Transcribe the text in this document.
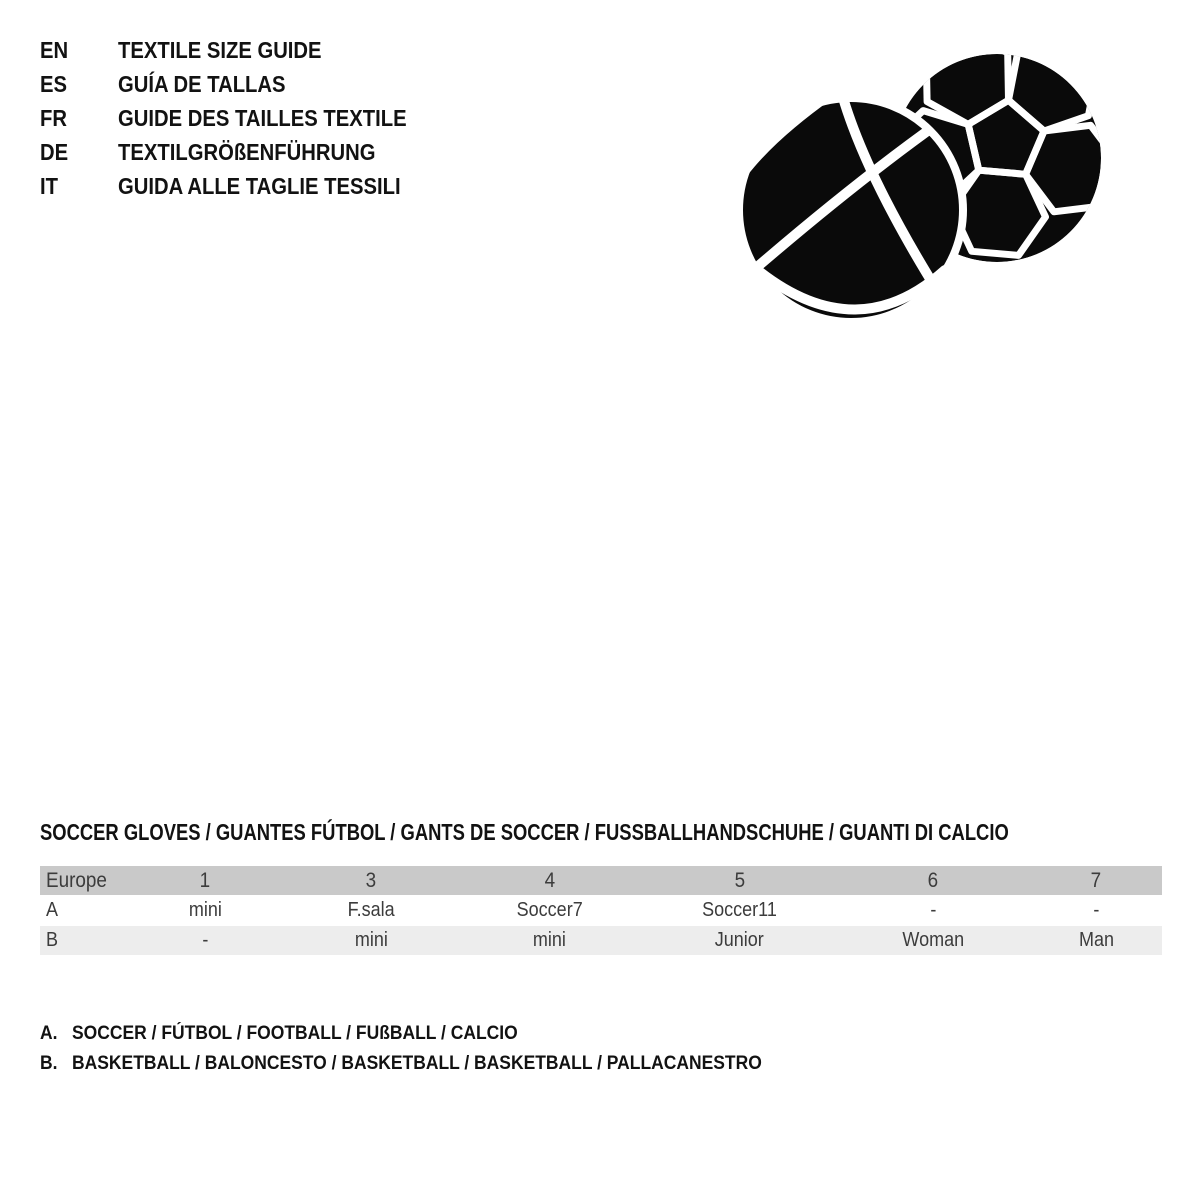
EN TEXTILE SIZE GUIDE
ES GUÍA DE TALLAS
FR GUIDE DES TAILLES TEXTILE
DE TEXTILGRÖßENFÜHRUNG
IT	GUIDA ALLE TAGLIE TESSILI
SOCCER GLOVES / GUANTES FÚTBOL / GANTS DE SOCCER / FUSSBALLHANDSCHUHE / GUANTI DI CALCIO
Europe	1	3	4	5	6	7
A	mini	F.sala	Soccer7	Soccer11	-	-
B	-	mini	mini	Junior	Woman	Man
A. SOCCER / FÚTBOL / FOOTBALL / FUßBALL / CALCIO
B. BASKETBALL / BALONCESTO / BASKETBALL / BASKETBALL / PALLACANESTRO
